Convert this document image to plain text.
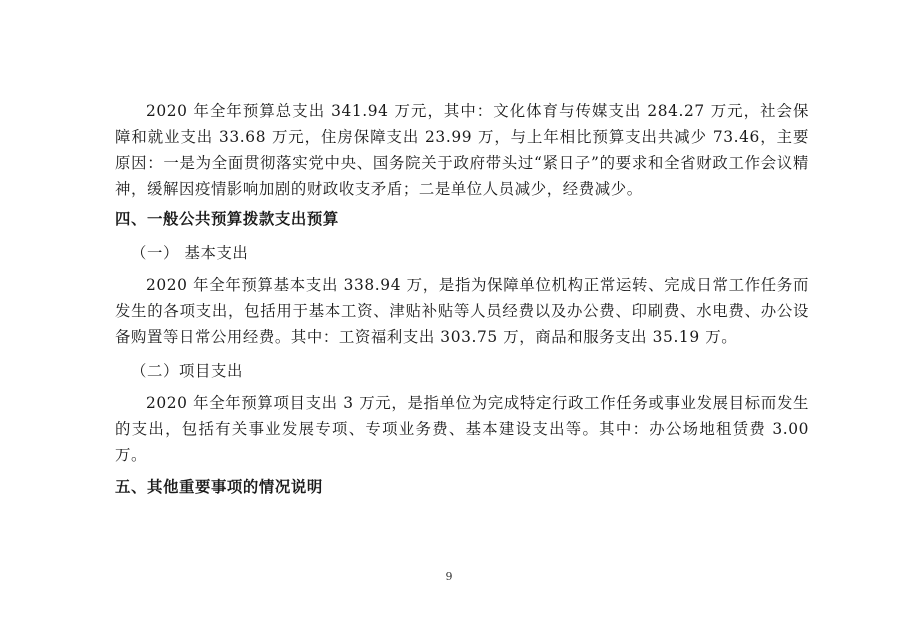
2020 年全年预算总支出 341.94 万元，其中：文化体育与传媒支出 284.27 万元，社会保障和就业支出 33.68 万元，住房保障支出 23.99 万，与上年相比预算支出共减少 73.46，主要原因：一是为全面贯彻落实党中央、国务院关于政府带头过“紧日子”的要求和全省财政工作会议精神，缓解因疫情影响加剧的财政收支矛盾；二是单位人员减少，经费减少。

四、一般公共预算拨款支出预算

（一） 基本支出

2020 年全年预算基本支出 338.94 万，是指为保障单位机构正常运转、完成日常工作任务而发生的各项支出，包括用于基本工资、津贴补贴等人员经费以及办公费、印刷费、水电费、办公设备购置等日常公用经费。其中：工资福利支出 303.75 万，商品和服务支出 35.19 万。

（二）项目支出

2020 年全年预算项目支出 3 万元，是指单位为完成特定行政工作任务或事业发展目标而发生的支出，包括有关事业发展专项、专项业务费、基本建设支出等。其中：办公场地租赁费 3.00 万。

五、其他重要事项的情况说明

9
